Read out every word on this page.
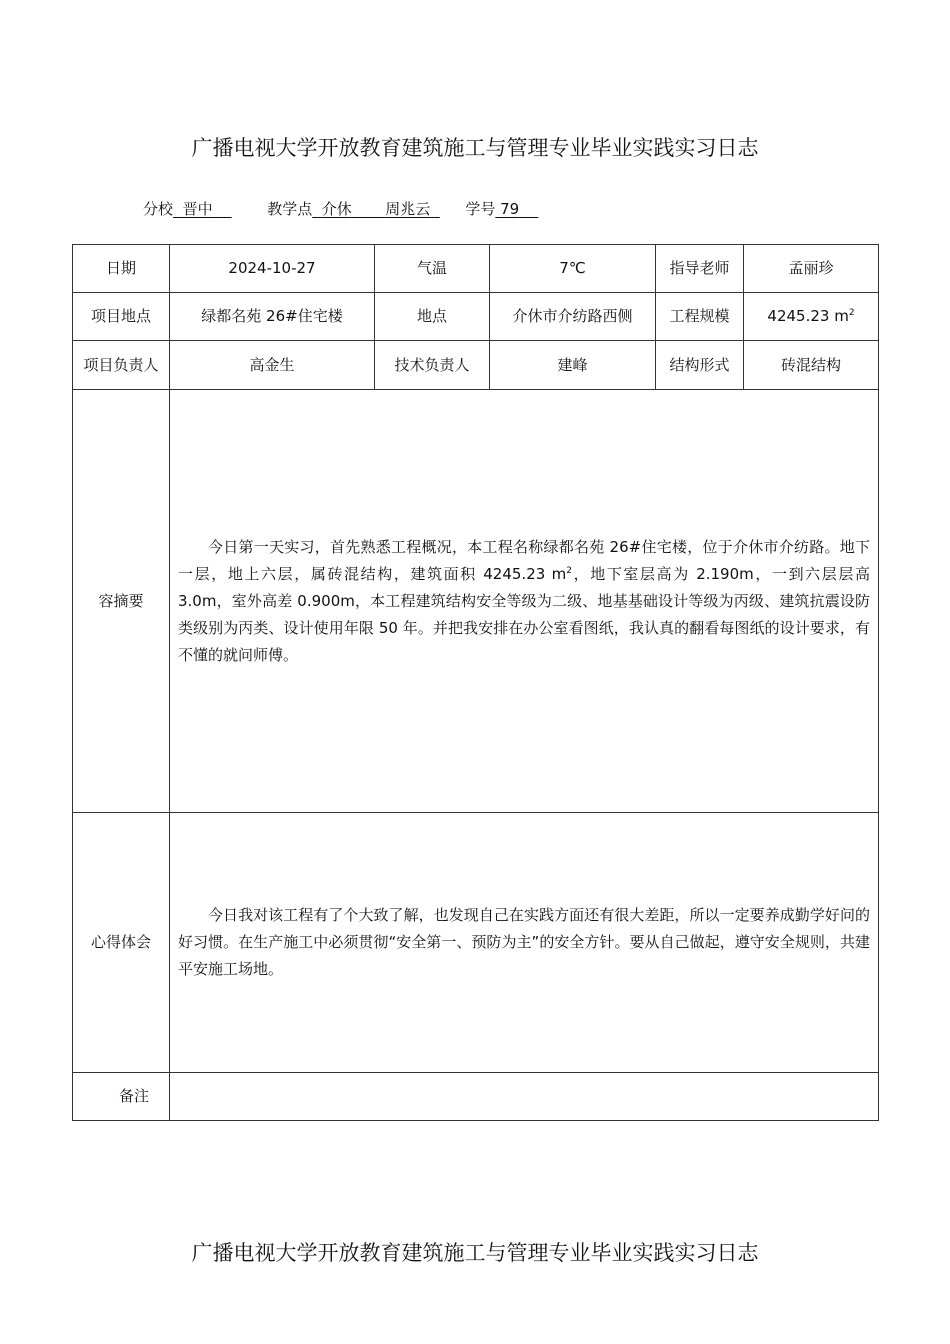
广播电视大学开放教育建筑施工与管理专业毕业实践实习日志
分校 晋中	教学点 介休 周兆云 学号 79
日期	2024-10-27	气温	7℃	指导老师	孟丽珍
项目地点	绿都名苑 26#住宅楼	地点	介休市介纺路西侧	工程规模	4245.23 $m^2$
项目负责人	高金生	技术负责人	建峰	结构形式	砖混结构
容摘要	今日第一天实习，首先熟悉工程概况，本工程名称绿都名苑 26#住宅楼，位于介休市介纺路。地下一层，地上六层，属砖混结构，建筑面积 4245.23 $m^2$，地下室层高为 2.190m，一到六层层高 3.0m，室外高差 0.900m，本工程建筑结构安全等级为二级、地基基础设计等级为丙级、建筑抗震设防类级别为丙类、设计使用年限 50 年。并把我安排在办公室看图纸，我认真的翻看每图纸的设计要求，有不懂的就问师傅。				

心得体会	今日我对该工程有了个大致了解，也发现自己在实践方面还有很大差距，所以一定要养成勤学好问的好习惯。在生产施工中必须贯彻“安全第一、预防为主”的安全方针。要从自己做起，遵守安全规则，共建平安施工场地。				

备注					
广播电视大学开放教育建筑施工与管理专业毕业实践实习日志
